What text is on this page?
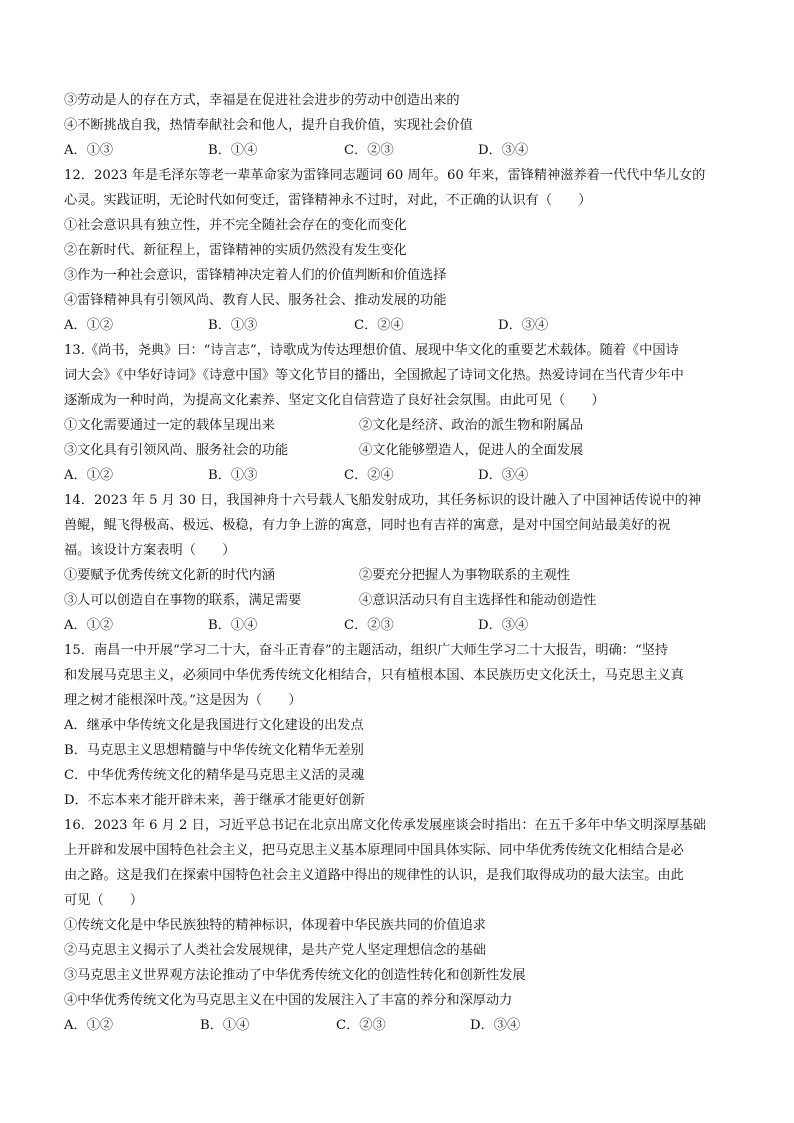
③劳动是人的存在方式，幸福是在促进社会进步的劳动中创造出来的
④不断挑战自我，热情奉献社会和他人，提升自我价值，实现社会价值
A．①③	B．①④	C．②③	D．③④
12．2023 年是毛泽东等老一辈革命家为雷锋同志题词 60 周年。60 年来，雷锋精神滋养着一代代中华儿女的
心灵。实践证明，无论时代如何变迁，雷锋精神永不过时，对此，不正确的认识有（　　）
①社会意识具有独立性，并不完全随社会存在的变化而变化
②在新时代、新征程上，雷锋精神的实质仍然没有发生变化
③作为一种社会意识，雷锋精神决定着人们的价值判断和价值选择
④雷锋精神具有引领风尚、教育人民、服务社会、推动发展的功能
A．①②	B．①③	C．②④	D．③④
13.《尚书，尧典》曰：“诗言志”，诗歌成为传达理想价值、展现中华文化的重要艺术载体。随着《中国诗
词大会》《中华好诗词》《诗意中国》等文化节目的播出，全国掀起了诗词文化热。热爱诗词在当代青少年中
逐渐成为一种时尚，为提高文化素养、坚定文化自信营造了良好社会氛围。由此可见（　　）
①文化需要通过一定的载体呈现出来	②文化是经济、政治的派生物和附属品
③文化具有引领风尚、服务社会的功能	④文化能够塑造人，促进人的全面发展
A．①②	B．①③	C．②④	D．③④
14．2023 年 5 月 30 日，我国神舟十六号载人飞船发射成功，其任务标识的设计融入了中国神话传说中的神
兽鲲，鲲飞得极高、极远、极稳，有力争上游的寓意，同时也有吉祥的寓意，是对中国空间站最美好的祝
福。该设计方案表明（　　）
①要赋予优秀传统文化新的时代内涵	②要充分把握人为事物联系的主观性
③人可以创造自在事物的联系，满足需要	④意识活动只有自主选择性和能动创造性
A．①②	B．①④	C．②③	D．③④
15．南昌一中开展“学习二十大，奋斗正青春”的主题活动，组织广大师生学习二十大报告，明确：“坚持
和发展马克思主义，必须同中华优秀传统文化相结合，只有植根本国、本民族历史文化沃土，马克思主义真
理之树才能根深叶茂。”这是因为（　　）
A．继承中华传统文化是我国进行文化建设的出发点
B．马克思主义思想精髓与中华传统文化精华无差别
C．中华优秀传统文化的精华是马克思主义活的灵魂
D．不忘本来才能开辟未来，善于继承才能更好创新
16．2023 年 6 月 2 日，习近平总书记在北京出席文化传承发展座谈会时指出：在五千多年中华文明深厚基础
上开辟和发展中国特色社会主义，把马克思主义基本原理同中国具体实际、同中华优秀传统文化相结合是必
由之路。这是我们在探索中国特色社会主义道路中得出的规律性的认识，是我们取得成功的最大法宝。由此
可见（　　）
①传统文化是中华民族独特的精神标识，体现着中华民族共同的价值追求
②马克思主义揭示了人类社会发展规律，是共产党人坚定理想信念的基础
③马克思主义世界观方法论推动了中华优秀传统文化的创造性转化和创新性发展
④中华优秀传统文化为马克思主义在中国的发展注入了丰富的养分和深厚动力
A．①②	B．①④	C．②③	D．③④
